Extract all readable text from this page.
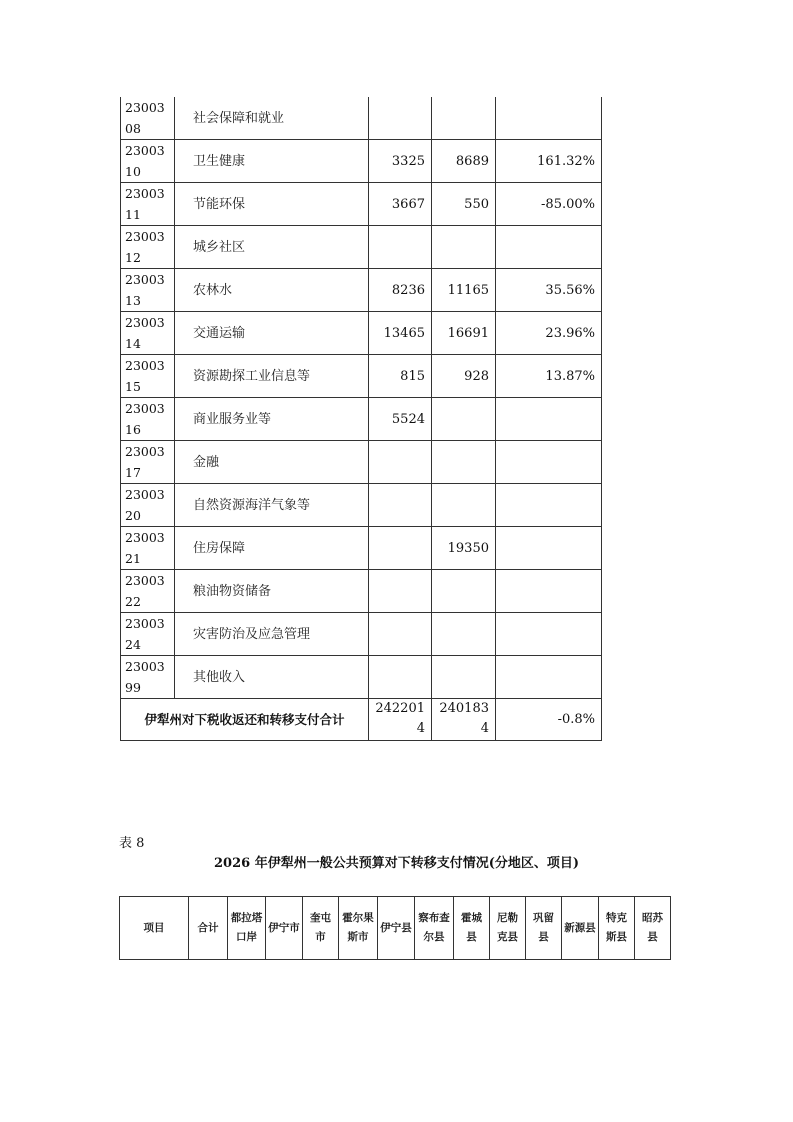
2300308	社会保障和就业			
2300310	卫生健康	3325	8689	161.32%
2300311	节能环保	3667	550	-85.00%
2300312	城乡社区			
2300313	农林水	8236	11165	35.56%
2300314	交通运输	13465	16691	23.96%
2300315	资源勘探工业信息等	815	928	13.87%
2300316	商业服务业等	5524		
2300317	金融			
2300320	自然资源海洋气象等			
2300321	住房保障		19350	
2300322	粮油物资储备			
2300324	灾害防治及应急管理			
2300399	其他收入			
伊犁州对下税收返还和转移支付合计		2422014	2401834	-0.8%
表 8
2026 年伊犁州一般公共预算对下转移支付情况(分地区、项目)
项目	合计	都拉塔口岸	伊宁市	奎屯市	霍尔果斯市	伊宁县	察布查尔县	霍城县	尼勒克县	巩留县	新源县	特克斯县	昭苏县
